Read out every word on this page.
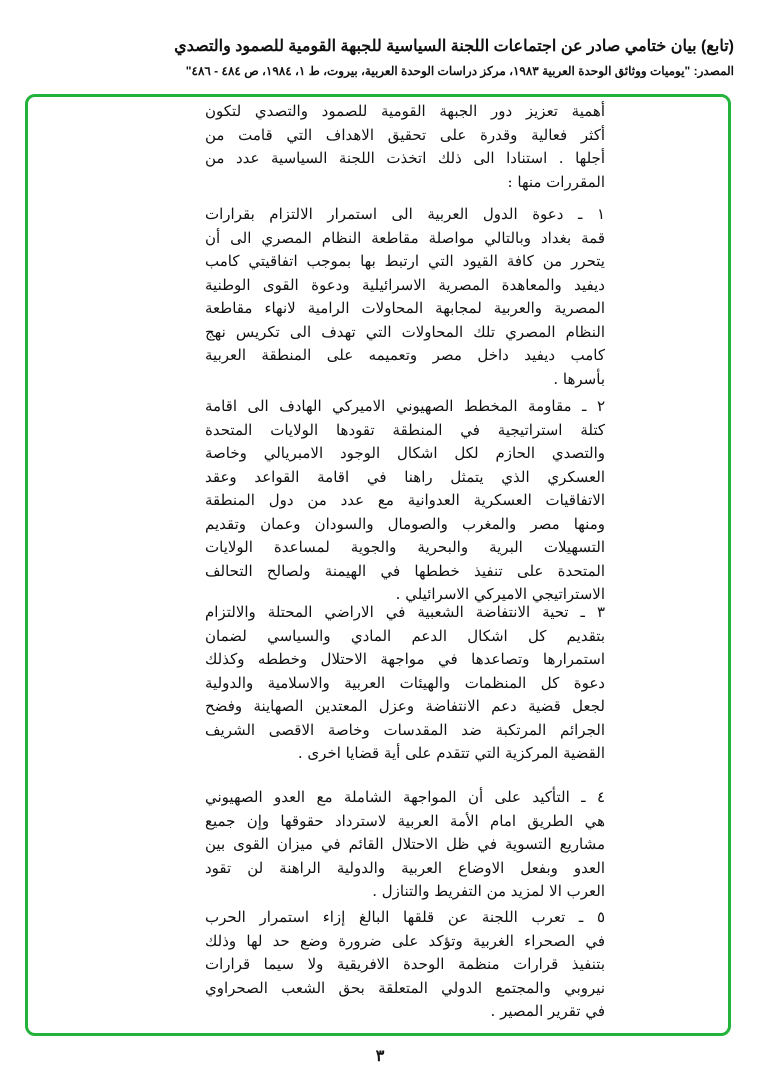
(تابع) بيان ختامي صادر عن اجتماعات اللجنة السياسية للجبهة القومية للصمود والتصدي
المصدر: "يوميات ووثائق الوحدة العربية ١٩٨٣، مركز دراسات الوحدة العربية، بيروت، ط ١، ١٩٨٤، ص ٤٨٤ - ٤٨٦"
أهمية تعزيز دور الجبهة القومية للصمود والتصدي لتكون
أكثر فعالية وقدرة على تحقيق الاهداف التي قامت من
أجلها . استنادا الى ذلك اتخذت اللجنة السياسية عدد من
المقررات منها :
١ ـ دعوة الدول العربية الى استمرار الالتزام بقرارات
قمة بغداد وبالتالي مواصلة مقاطعة النظام المصري الى أن
يتحرر من كافة القيود التي ارتبط بها بموجب اتفاقيتي كامب
ديفيد والمعاهدة المصرية الاسرائيلية ودعوة القوى الوطنية
المصرية والعربية لمجابهة المحاولات الرامية لانهاء مقاطعة
النظام المصري تلك المحاولات التي تهدف الى تكريس نهج
كامب ديفيد داخل مصر وتعميمه على المنطقة العربية
بأسرها .
٢ ـ مقاومة المخطط الصهيوني الاميركي الهادف الى اقامة
كتلة استراتيجية في المنطقة تقودها الولايات المتحدة
والتصدي الحازم لكل اشكال الوجود الامبريالي وخاصة
العسكري الذي يتمثل راهنا في اقامة القواعد وعقد
الاتفاقيات العسكرية العدوانية مع عدد من دول المنطقة
ومنها مصر والمغرب والصومال والسودان وعمان وتقديم
التسهيلات البرية والبحرية والجوية لمساعدة الولايات
المتحدة على تنفيذ خططها في الهيمنة ولصالح التحالف
الاستراتيجي الاميركي الاسرائيلي .
٣ ـ تحية الانتفاضة الشعبية في الاراضي المحتلة والالتزام
بتقديم كل اشكال الدعم المادي والسياسي لضمان
استمرارها وتصاعدها في مواجهة الاحتلال وخططه وكذلك
دعوة كل المنظمات والهيئات العربية والاسلامية والدولية
لجعل قضية دعم الانتفاضة وعزل المعتدين الصهاينة وفضح
الجرائم المرتكبة ضد المقدسات وخاصة الاقصى الشريف
القضية المركزية التي تتقدم على أية قضايا اخرى .
٤ ـ التأكيد على أن المواجهة الشاملة مع العدو الصهيوني
هي الطريق امام الأمة العربية لاسترداد حقوقها وإن جميع
مشاريع التسوية في ظل الاحتلال القائم في ميزان القوى بين
العدو وبفعل الاوضاع العربية والدولية الراهنة لن تقود
العرب الا لمزيد من التفريط والتنازل .
٥ ـ تعرب اللجنة عن قلقها البالغ إزاء استمرار الحرب
في الصحراء الغربية وتؤكد على ضرورة وضع حد لها وذلك
بتنفيذ قرارات منظمة الوحدة الافريقية ولا سيما قرارات
نيروبي والمجتمع الدولي المتعلقة بحق الشعب الصحراوي
في تقرير المصير .
٣
